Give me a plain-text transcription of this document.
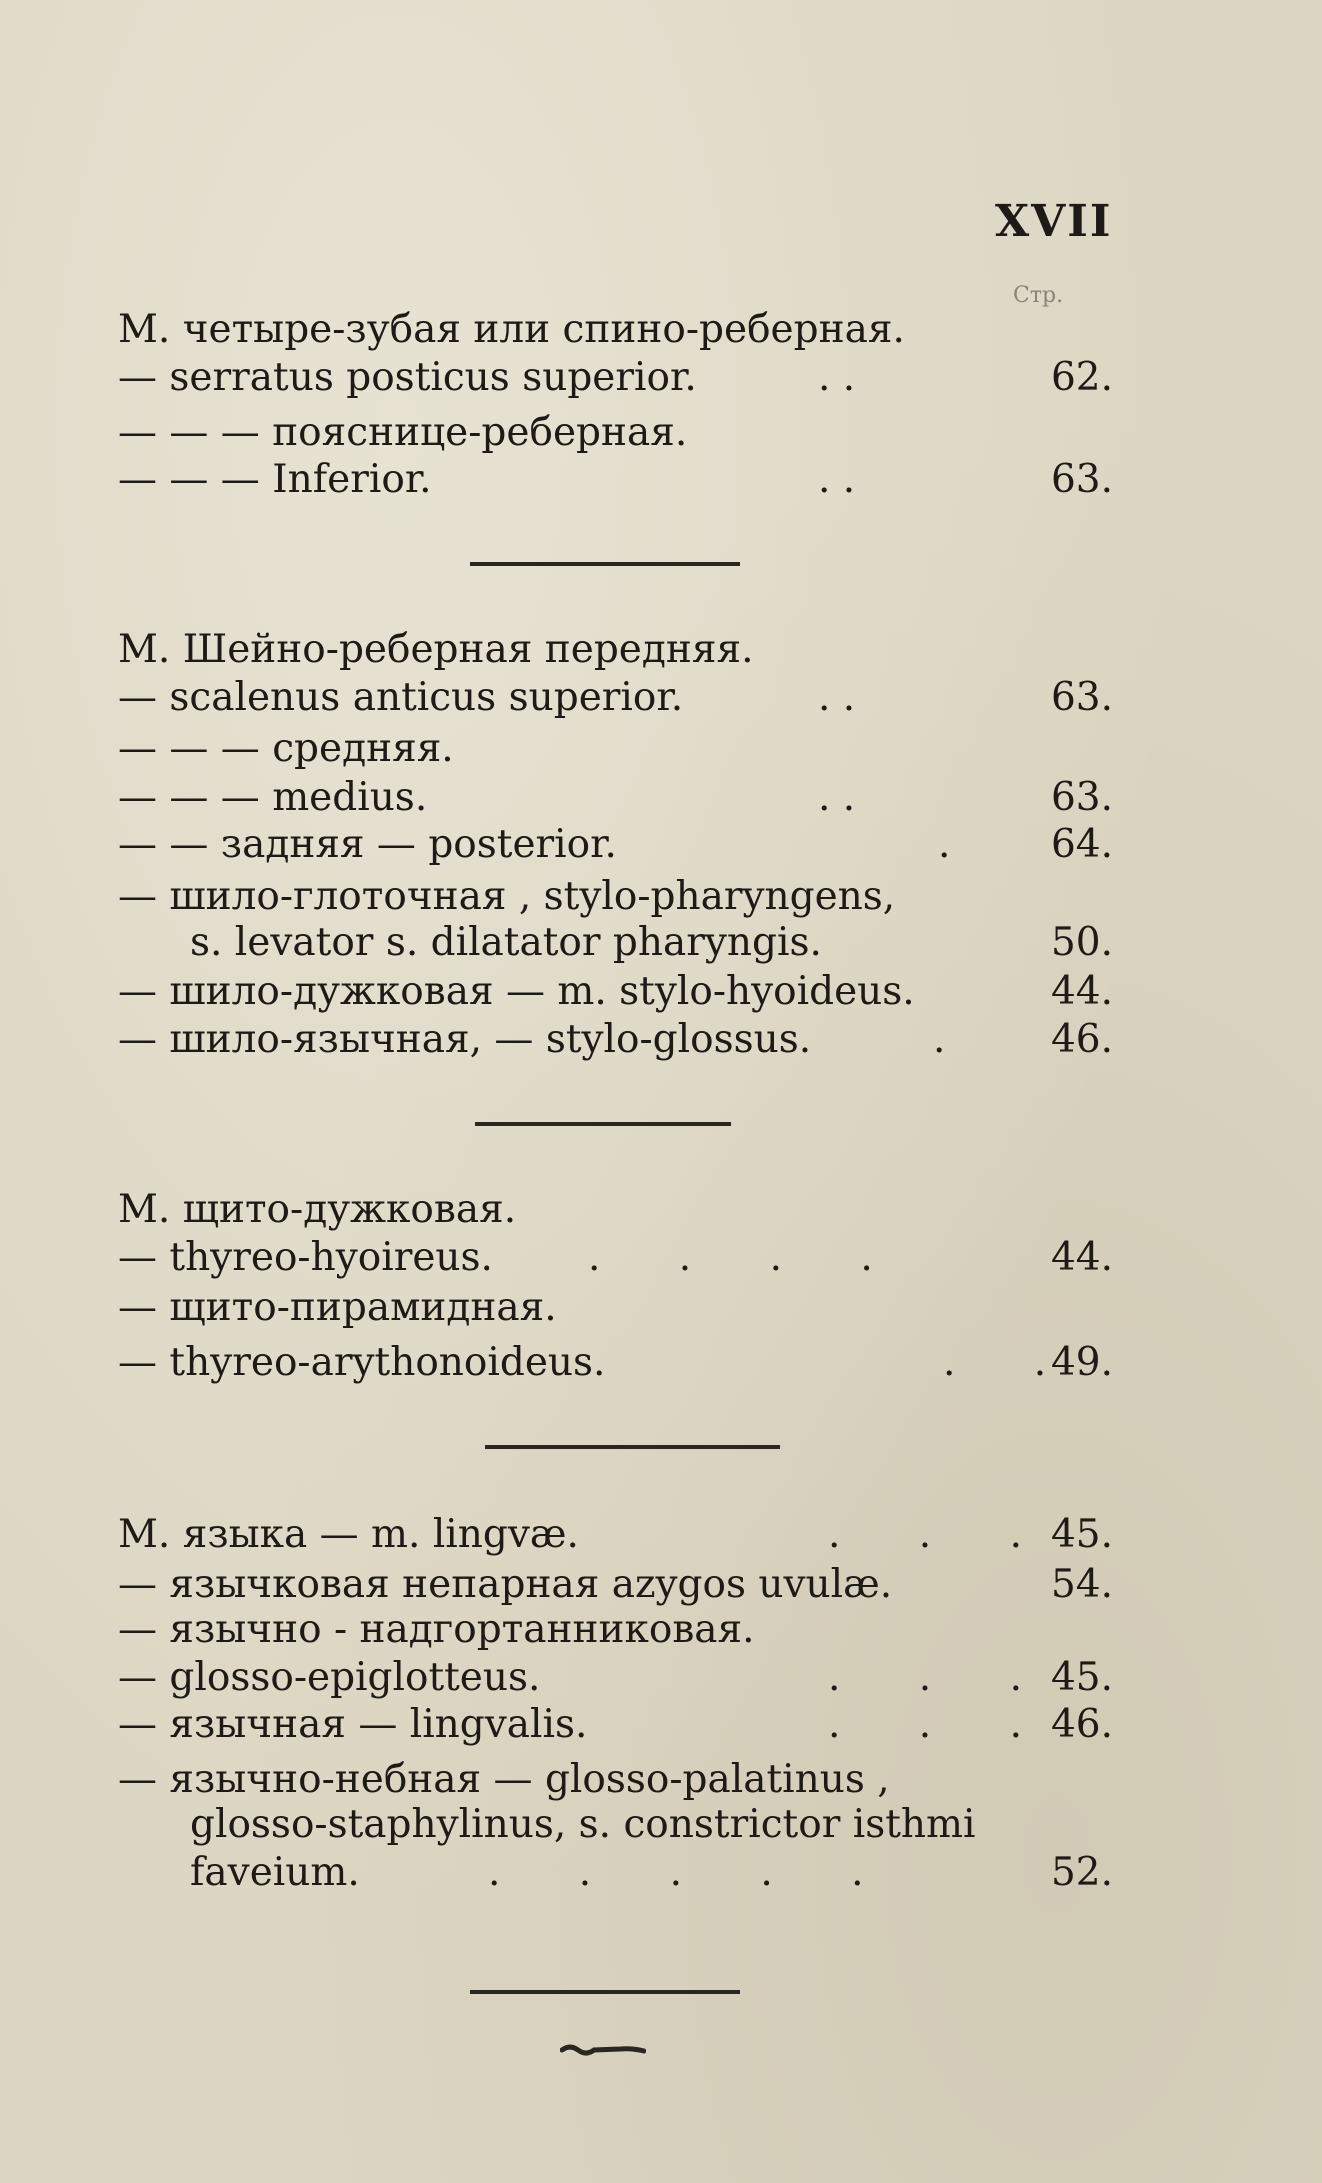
XVII
Стр.
М. четыре-зубая или спино-реберная.
— serratus posticus superior.	. .	62.
— — — поясницe-реберная.
— — — Inferior.	. .	63.
М. Шейно-реберная передняя.
— scalenus anticus superior.	. .	63.
— — — средняя.
— — — medius.	. .	63.
— — задняя — posterior.	.	64.
— шило-глоточная , stylo-pharyngens,
s. levator s. dilatator pharyngis.	50.
— шило-дужковая — m. stylo-hyoideus.	44.
— шило-язычная, — stylo-glossus.	.	46.
М. щито-дужковая.
— thyreo-hyoireus. . . . .	44.
— щито-пирамидная.
— thyreo-arythonoideus.	. . 49.
М. языка — m. lingvæ.	. . . 45.
— язычковая непарная azygos uvulæ.	54.
— язычно - надгортанниковая.
— glosso-epiglotteus.	. . . 45.
— язычная — lingvalis.	. . . 46.
— язычно-небная — glosso-palatinus ,
glosso-staphylinus, s. constrictor isthmi
faveium.	. . . . .	52.
